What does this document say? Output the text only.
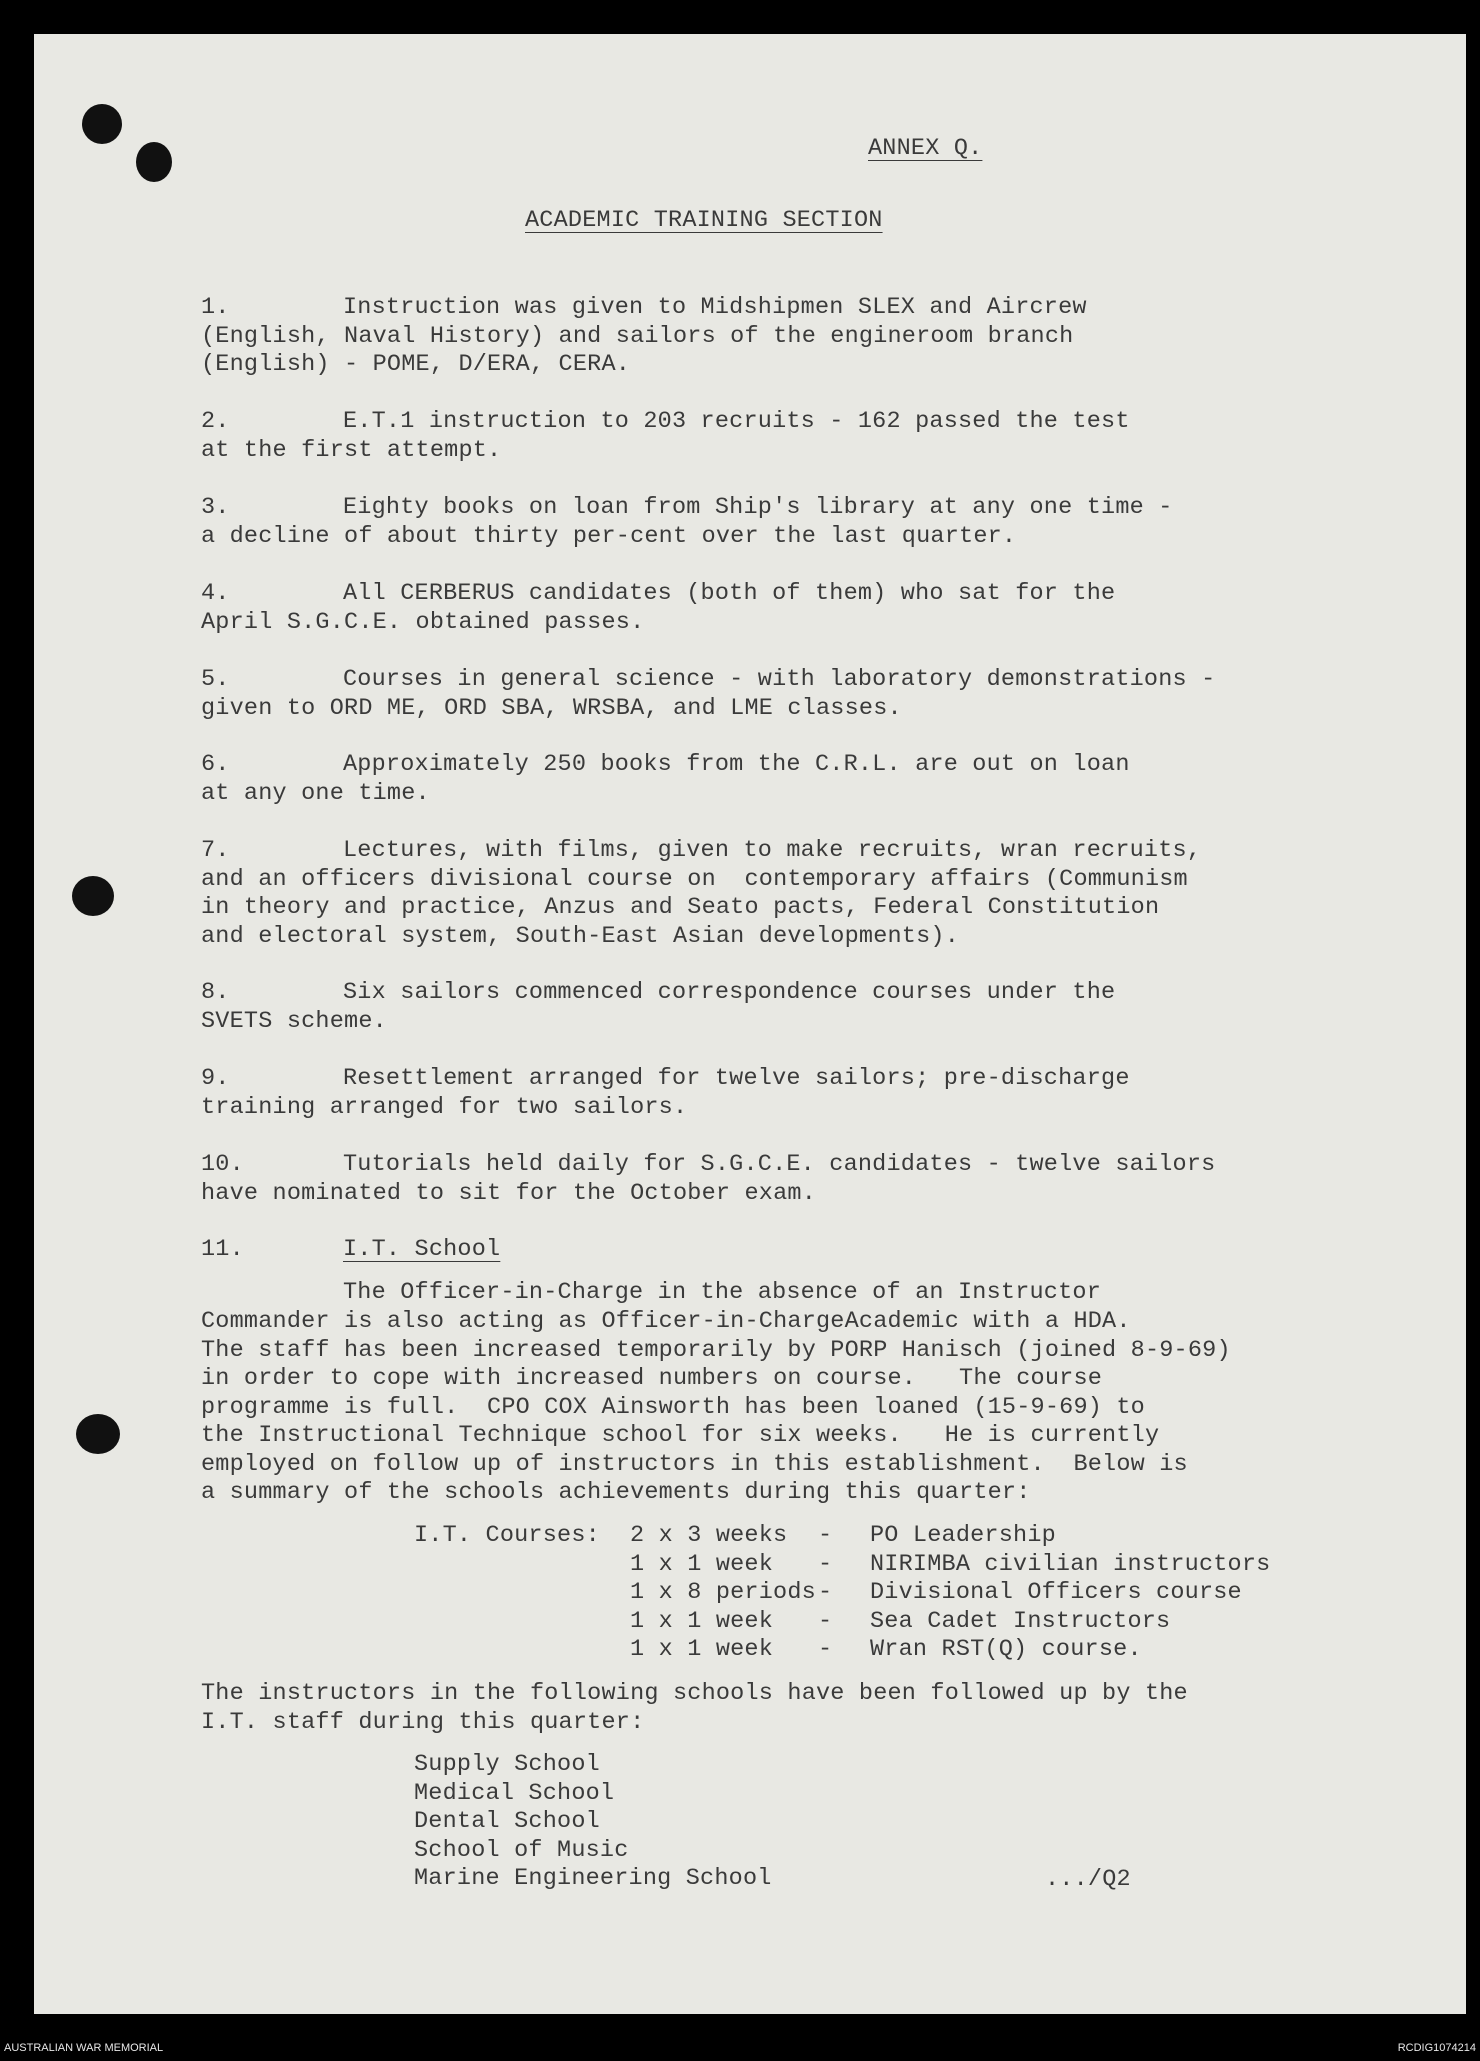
ANNEX Q.
ACADEMIC TRAINING SECTION
1.	Instruction was given to Midshipmen SLEX and Aircrew
(English, Naval History) and sailors of the engineroom branch
(English) - POME, D/ERA, CERA.
2.	E.T.1 instruction to 203 recruits - 162 passed the test
at the first attempt.
3.	Eighty books on loan from Ship's library at any one time -
a decline of about thirty per-cent over the last quarter.
4.	All CERBERUS candidates (both of them) who sat for the
April S.G.C.E. obtained passes.
5.	Courses in general science - with laboratory demonstrations -
given to ORD ME, ORD SBA, WRSBA, and LME classes.
6.	Approximately 250 books from the C.R.L. are out on loan
at any one time.
7.	Lectures, with films, given to make recruits, wran recruits,
and an officers divisional course on  contemporary affairs (Communism
in theory and practice, Anzus and Seato pacts, Federal Constitution
and electoral system, South-East Asian developments).
8.	Six sailors commenced correspondence courses under the
SVETS scheme.
9.	Resettlement arranged for twelve sailors; pre-discharge
training arranged for two sailors.
10.	Tutorials held daily for S.G.C.E. candidates - twelve sailors
have nominated to sit for the October exam.
11.	I.T. School
The Officer-in-Charge in the absence of an Instructor
Commander is also acting as Officer-in-ChargeAcademic with a HDA.
The staff has been increased temporarily by PORP Hanisch (joined 8-9-69)
in order to cope with increased numbers on course.   The course
programme is full.  CPO COX Ainsworth has been loaned (15-9-69) to
the Instructional Technique school for six weeks.   He is currently
employed on follow up of instructors in this establishment.  Below is
a summary of the schools achievements during this quarter:
I.T. Courses: 2 x 3 weeks - PO Leadership
1 x 1 week - NIRIMBA civilian instructors
1 x 8 periods - Divisional Officers course
1 x 1 week - Sea Cadet Instructors
1 x 1 week - Wran RST(Q) course.
The instructors in the following schools have been followed up by the
I.T. staff during this quarter:
Supply School
Medical School
Dental School
School of Music
Marine Engineering School	.../Q2
AUSTRALIAN WAR MEMORIAL	RCDIG1074214
